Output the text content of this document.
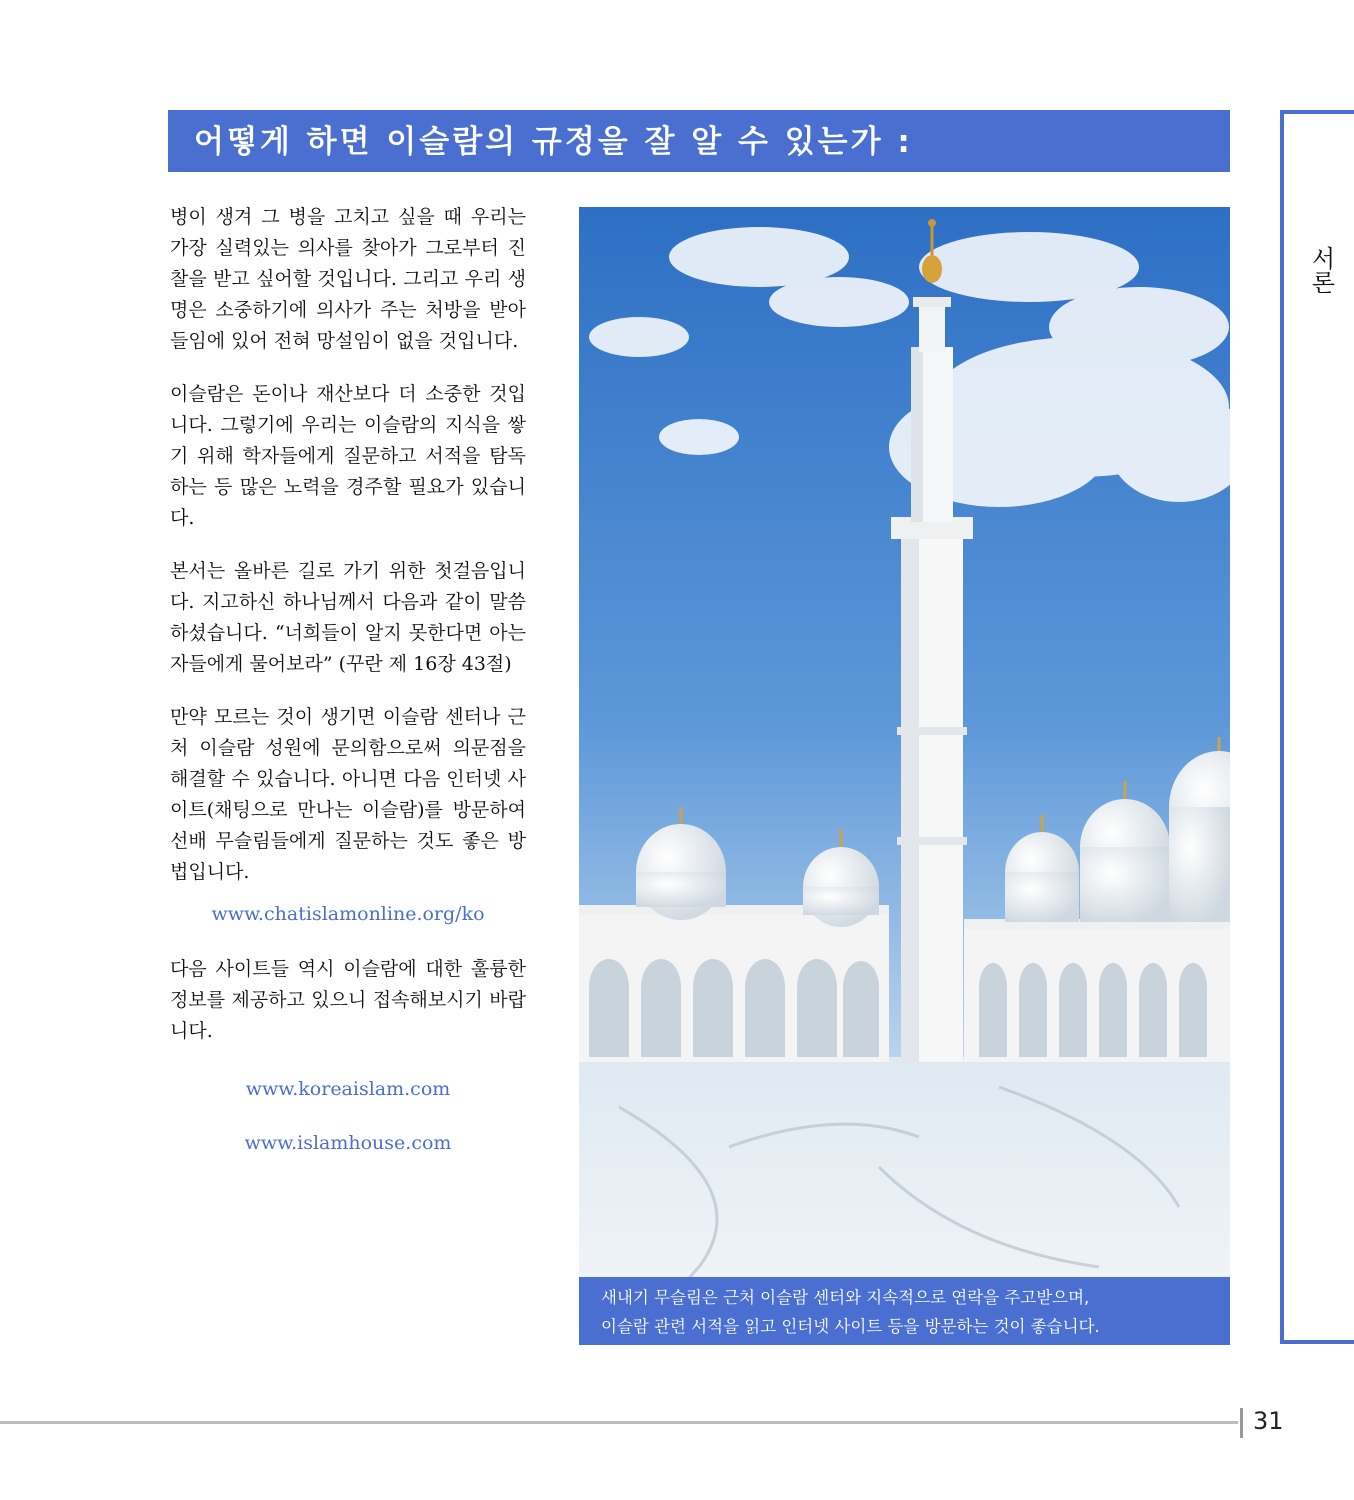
어떻게 하면 이슬람의 규정을 잘 알 수 있는가 :

병이 생겨 그 병을 고치고 싶을 때 우리는 가장 실력있는 의사를 찾아가 그로부터 진찰을 받고 싶어할 것입니다. 그리고 우리 생명은 소중하기에 의사가 주는 처방을 받아들임에 있어 전혀 망설임이 없을 것입니다.

이슬람은 돈이나 재산보다 더 소중한 것입니다. 그렇기에 우리는 이슬람의 지식을 쌓기 위해 학자들에게 질문하고 서적을 탐독하는 등 많은 노력을 경주할 필요가 있습니다.

본서는 올바른 길로 가기 위한 첫걸음입니다. 지고하신 하나님께서 다음과 같이 말씀하셨습니다. “너희들이 알지 못한다면 아는 자들에게 물어보라” (꾸란 제 16장 43절)

만약 모르는 것이 생기면 이슬람 센터나 근처 이슬람 성원에 문의함으로써 의문점을 해결할 수 있습니다. 아니면 다음 인터넷 사이트(채팅으로 만나는 이슬람)를 방문하여 선배 무슬림들에게 질문하는 것도 좋은 방법입니다.

www.chatislamonline.org/ko

다음 사이트들 역시 이슬람에 대한 훌륭한 정보를 제공하고 있으니 접속해보시기 바랍니다.

www.koreaislam.com
www.islamhouse.com
새내기 무슬림은 근처 이슬람 센터와 지속적으로 연락을 주고받으며,
이슬람 관련 서적을 읽고 인터넷 사이트 등을 방문하는 것이 좋습니다.
서론
31
